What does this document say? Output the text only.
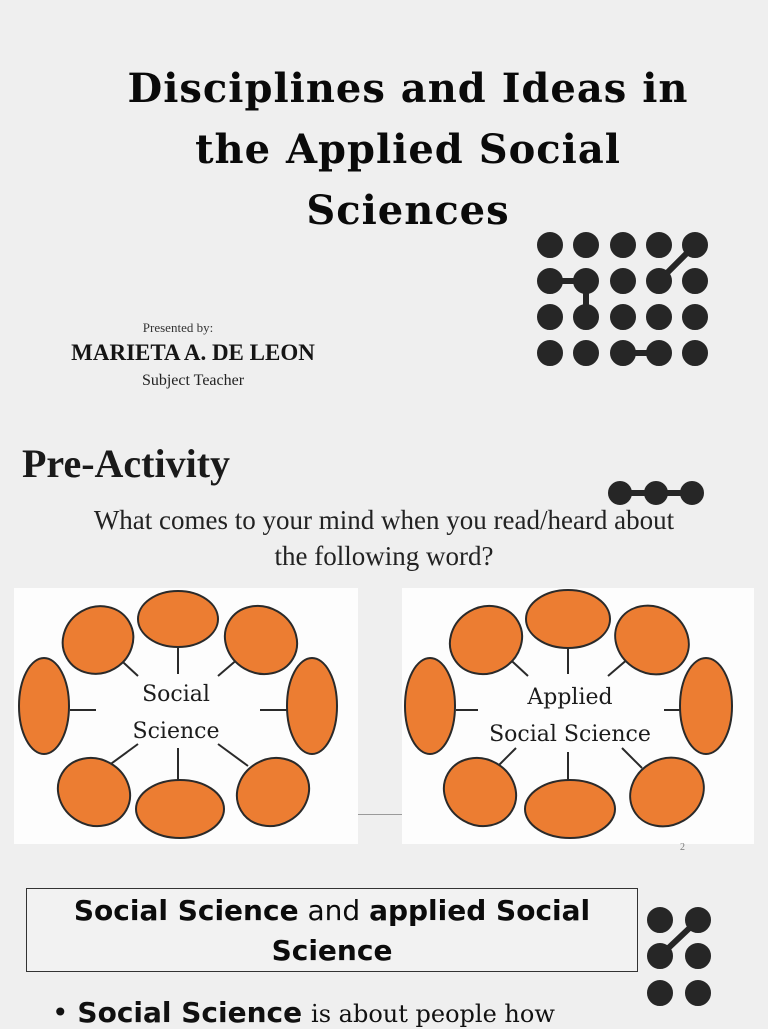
Disciplines and Ideas in
the Applied Social
Sciences
Presented by:
MARIETA A. DE LEON
Subject Teacher
Pre-Activity
What comes to your mind when you read/heard about
the following word?
Social
Science
Applied
Social Science
2
Social Science and applied Social
Science
• Social Science is about people how
